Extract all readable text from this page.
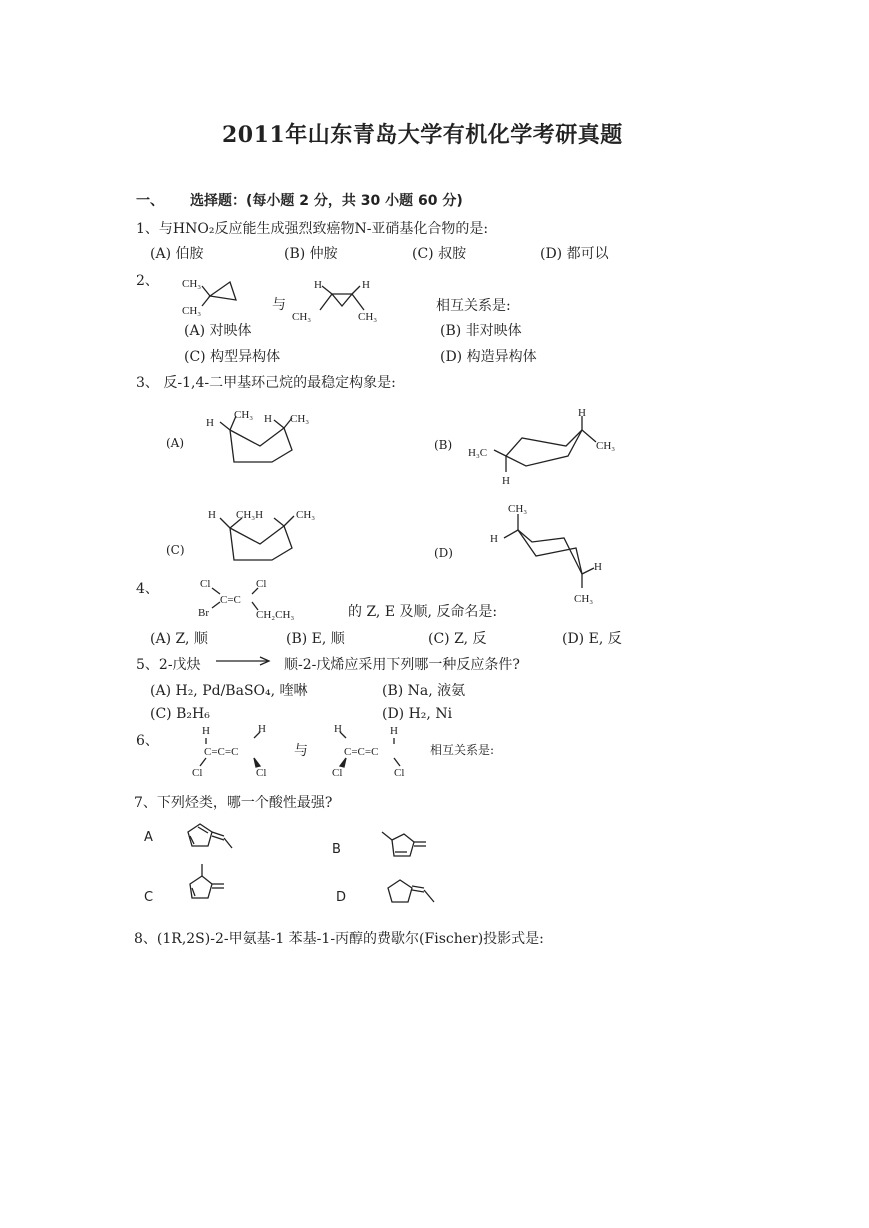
2011年山东青岛大学有机化学考研真题
一、 选择题：(每小题 2 分，共 30 小题 60 分)
1、与HNO₂反应能生成强烈致癌物N-亚硝基化合物的是:
(A) 伯胺	(B) 仲胺	(C) 叔胺	(D) 都可以
2、 CH₃
CH₃	与
H	H
CH₃	CH₃
相互关系是:
(A) 对映体	(B) 非对映体
(C) 构型异构体	(D) 构造异构体
3、 反-1,4-二甲基环己烷的最稳定构象是:
(A)
H
CH₃ H CH₃
(B)
H
CH₃
H₃C
H
(C)
H CH₃H	CH₃
(D)
CH₃
H
H
CH₃
4、	Cl	Cl
C=C
Br	CH₂CH₃	的 Z, E 及顺, 反命名是:
(A) Z, 顺	(B) E, 顺	(C) Z, 反	(D) E, 反
5、2-戊炔	顺-2-戊烯应采用下列哪一种反应条件?
(A) H₂, Pd/BaSO₄, 喹啉	(B) Na, 液氨
(C) B₂H₆	(D) H₂, Ni
6、
H	H
C=C=C
Cl	Cl
与
H	H
C=C=C
Cl	Cl
相互关系是:
7、下列烃类，哪一个酸性最强?
A
B
C	D
8、(1R,2S)-2-甲氨基-1 苯基-1-丙醇的费歇尔(Fischer)投影式是:
